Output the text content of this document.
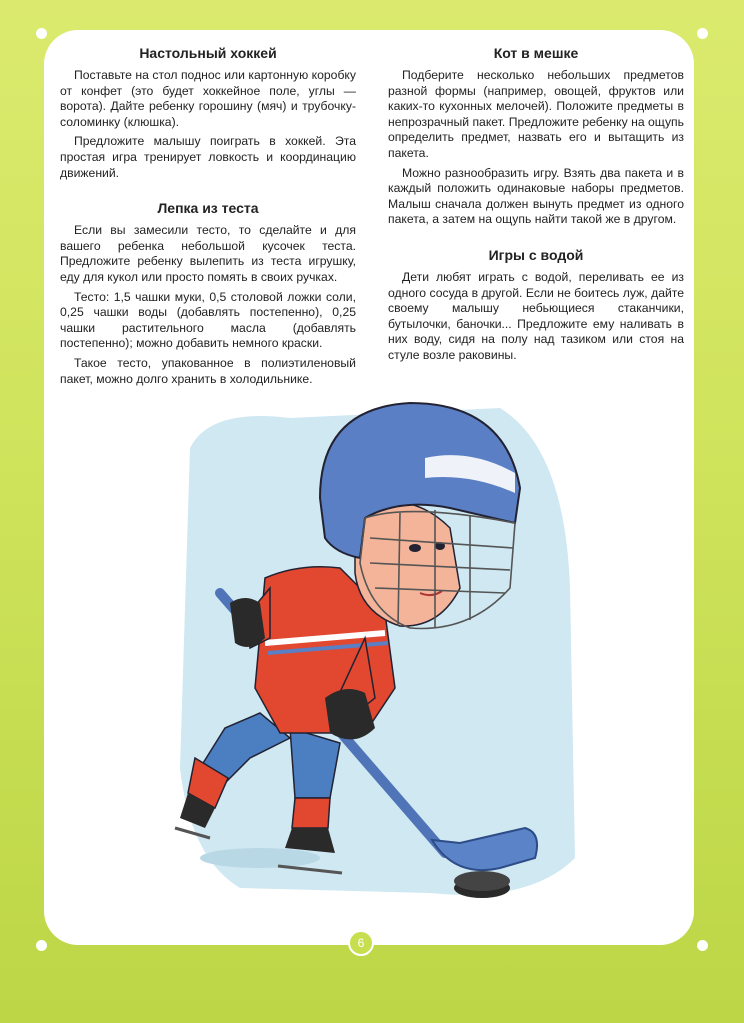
Настольный хоккей

Поставьте на стол поднос или картонную коробку от конфет (это будет хоккейное поле, углы — ворота). Дайте ребенку горошину (мяч) и трубочку-соломинку (клюшка).

Предложите малышу поиграть в хоккей. Эта простая игра тренирует ловкость и координацию движений.

Лепка из теста

Если вы замесили тесто, то сделайте и для вашего ребенка небольшой кусочек теста. Предложите ребенку вылепить из теста игрушку, еду для кукол или просто помять в своих ручках.

Тесто: 1,5 чашки муки, 0,5 столовой ложки соли, 0,25 чашки воды (добавлять постепенно), 0,25 чашки растительного масла (добавлять постепенно); можно добавить немного краски.

Такое тесто, упакованное в полиэтиленовый пакет, можно долго хранить в холодильнике.

Кот в мешке

Подберите несколько небольших предметов разной формы (например, овощей, фруктов или каких-то кухонных мелочей). Положите предметы в непрозрачный пакет. Предложите ребенку на ощупь определить предмет, назвать его и вытащить из пакета.

Можно разнообразить игру. Взять два пакета и в каждый положить одинаковые наборы предметов. Малыш сначала должен вынуть предмет из одного пакета, а затем на ощупь найти такой же в другом.

Игры с водой

Дети любят играть с водой, переливать ее из одного сосуда в другой. Если не боитесь луж, дайте своему малышу небьющиеся стаканчики, бутылочки, баночки... Предложите ему наливать в них воду, сидя на полу над тазиком или стоя на стуле возле раковины.

6
